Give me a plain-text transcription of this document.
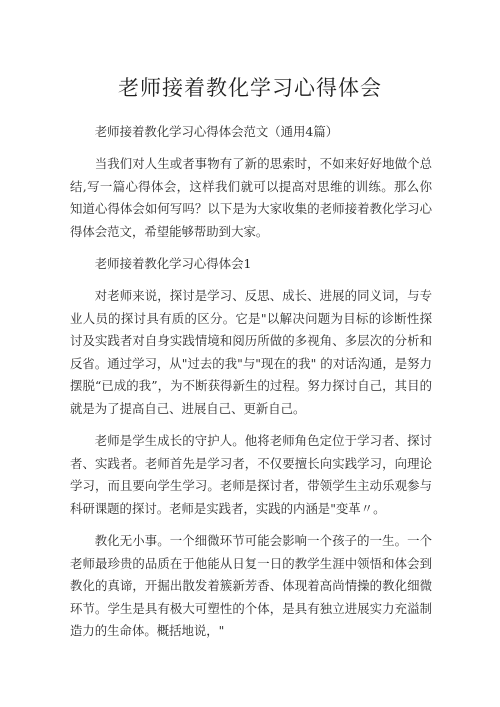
老师接着教化学习心得体会

老师接着教化学习心得体会范文（通用4篇）

当我们对人生或者事物有了新的思索时，不如来好好地做个总结,写一篇心得体会，这样我们就可以提高对思维的训练。那么你知道心得体会如何写吗？以下是为大家收集的老师接着教化学习心得体会范文，希望能够帮助到大家。

老师接着教化学习心得体会1

对老师来说，探讨是学习、反思、成长、进展的同义词，与专业人员的探讨具有质的区分。它是"以解决问题为目标的诊断性探讨及实践者对自身实践情境和阅历所做的多视角、多层次的分析和反省。通过学习，从"过去的我"与"现在的我" 的对话沟通，是努力摆脱“已成的我”，为不断获得新生的过程。努力探讨自己，其目的就是为了提高自己、进展自己、更新自己。

老师是学生成长的守护人。他将老师角色定位于学习者、探讨者、实践者。老师首先是学习者，不仅要擅长向实践学习，向理论学习，而且要向学生学习。老师是探讨者，带领学生主动乐观参与科研课题的探讨。老师是实践者，实践的内涵是"变革〃。

教化无小事。一个细微环节可能会影响一个孩子的一生。一个老师最珍贵的品质在于他能从日复一日的教学生涯中领悟和体会到教化的真谛，开掘出散发着簇新芳香、体现着高尚情操的教化细微环节。学生是具有极大可塑性的个体，是具有独立进展实力充溢制造力的生命体。概括地说，"
